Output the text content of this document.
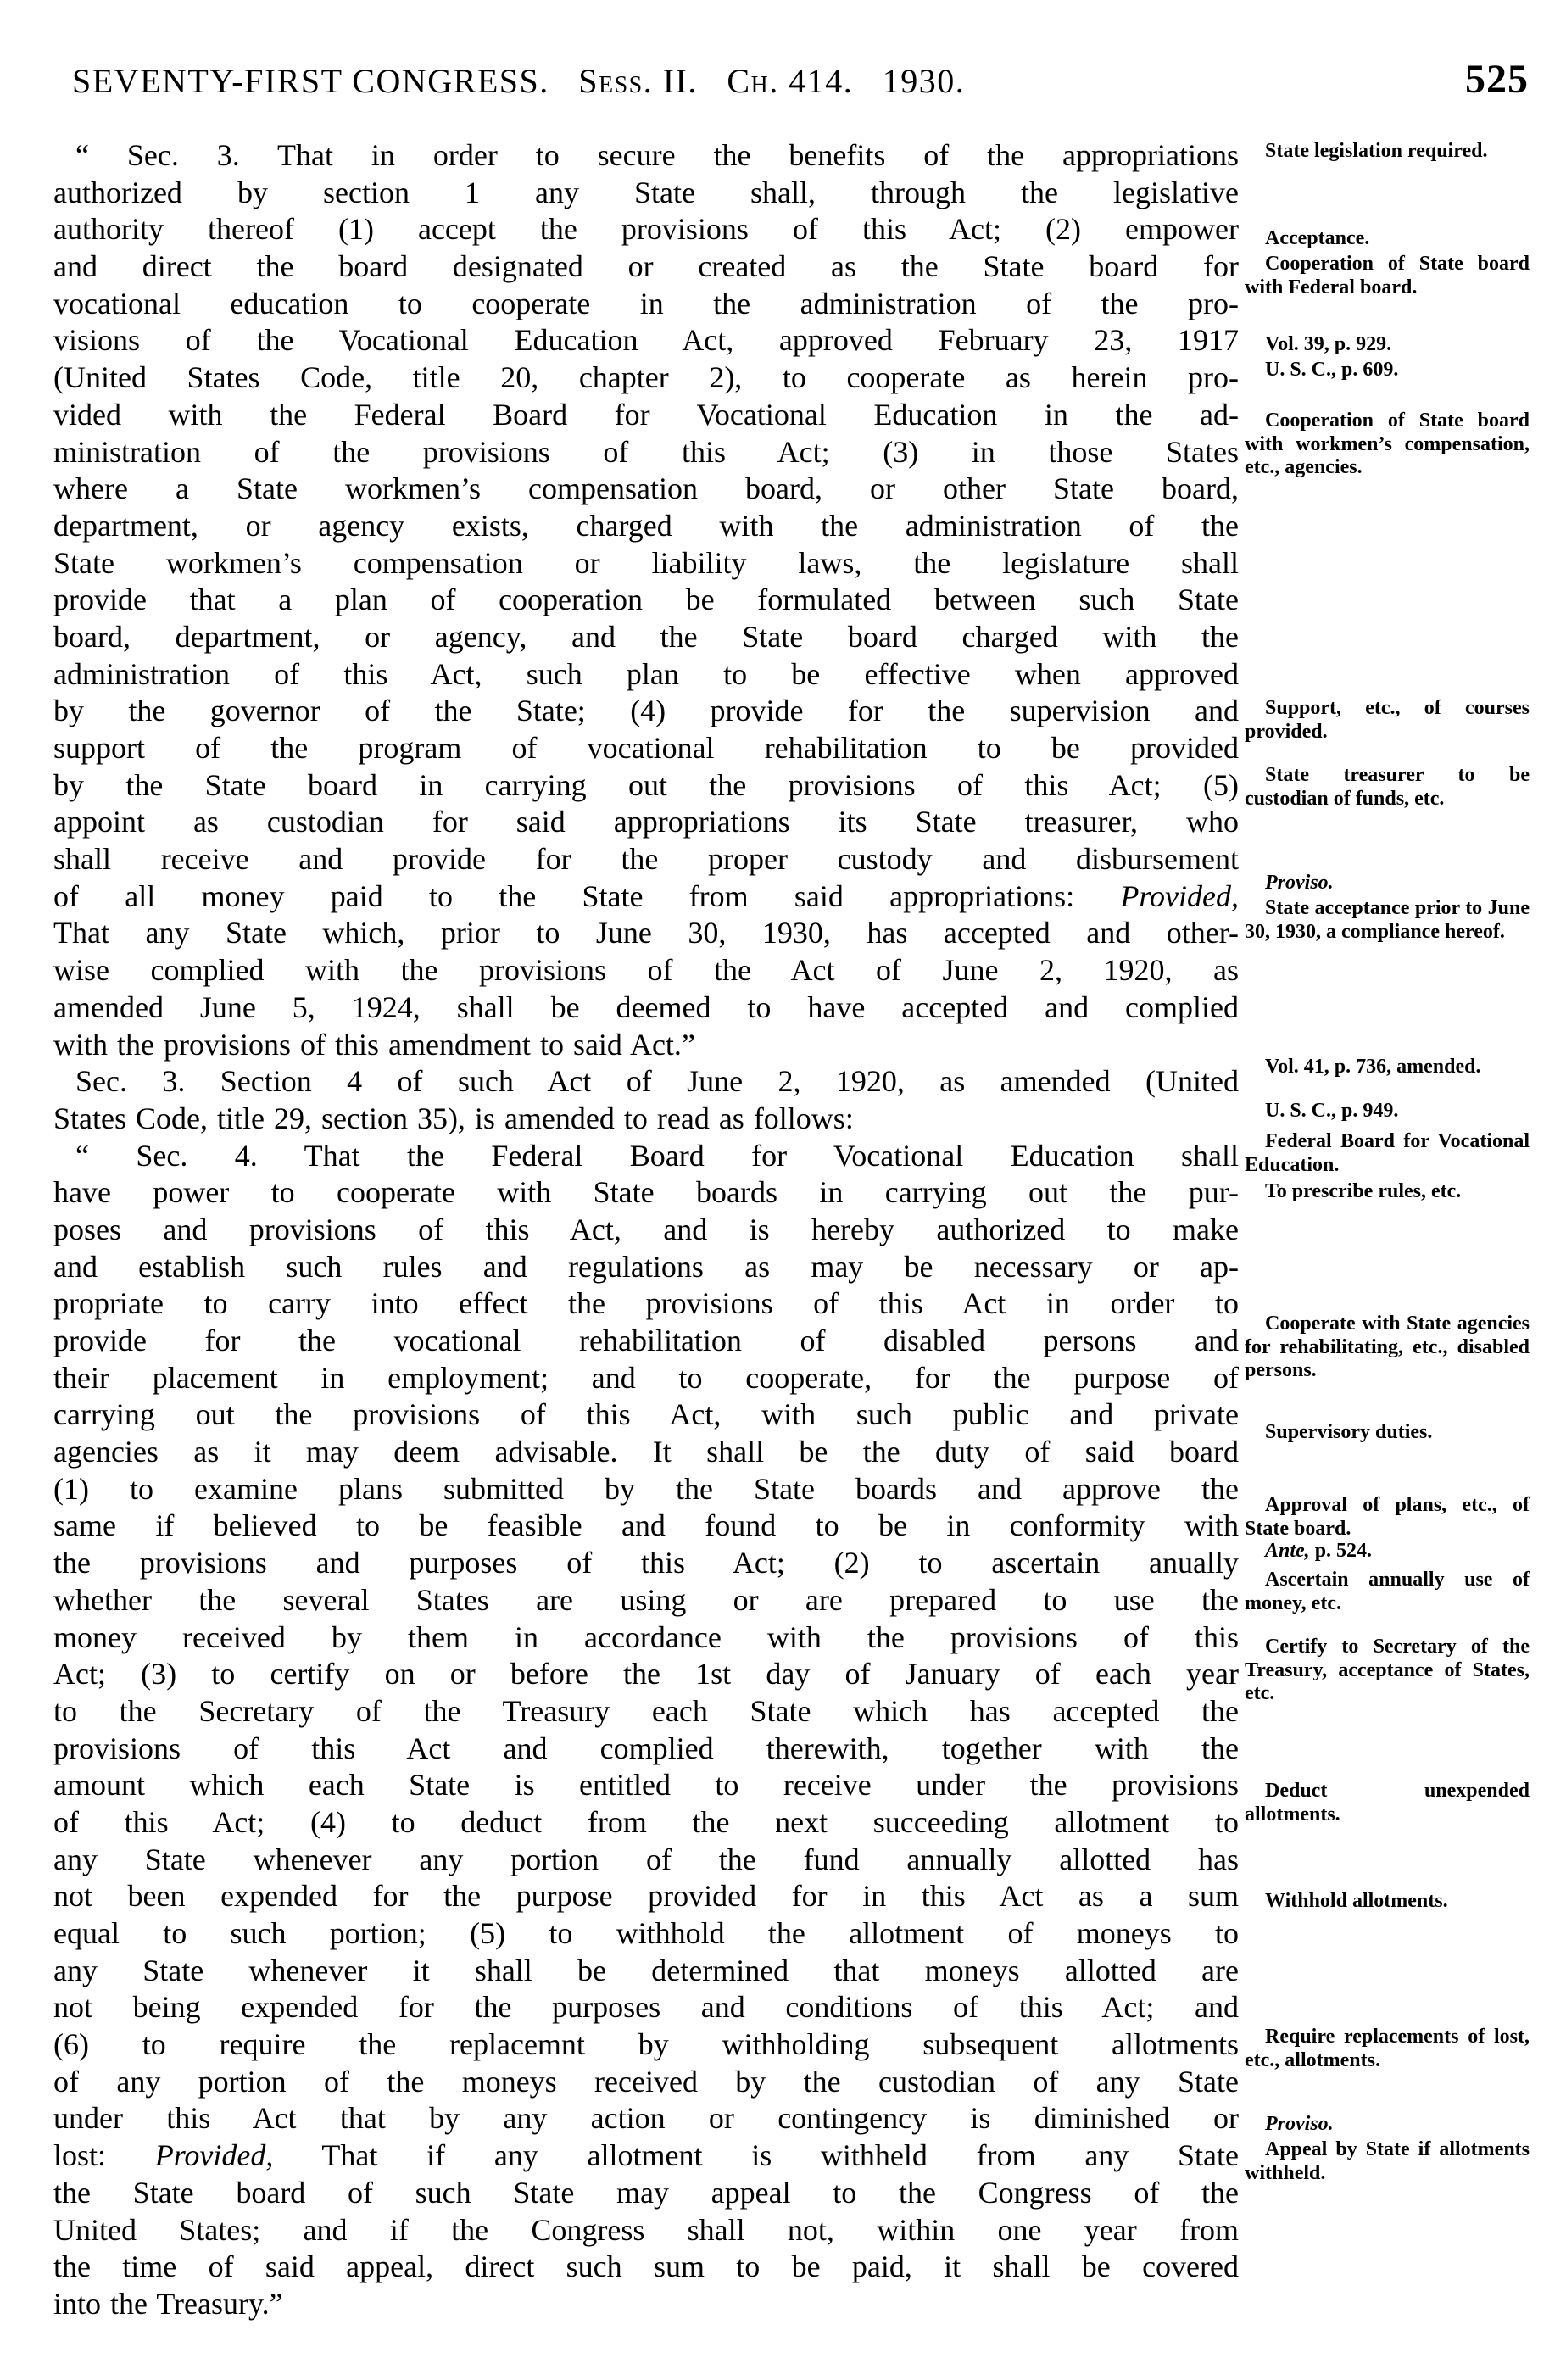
SEVENTY-FIRST CONGRESS.   Sess. II.   Ch. 414.   1930.	525
“ Sec. 3. That in order to secure the benefits of the appropriations
authorized by section 1 any State shall, through the legislative
authority thereof (1) accept the provisions of this Act; (2) empower
and direct the board designated or created as the State board for
vocational education to cooperate in the administration of the pro-
visions of the Vocational Education Act, approved February 23, 1917
(United States Code, title 20, chapter 2), to cooperate as herein pro-
vided with the Federal Board for Vocational Education in the ad-
ministration of the provisions of this Act; (3) in those States
where a State workmen’s compensation board, or other State board,
department, or agency exists, charged with the administration of the
State workmen’s compensation or liability laws, the legislature shall
provide that a plan of cooperation be formulated between such State
board, department, or agency, and the State board charged with the
administration of this Act, such plan to be effective when approved
by the governor of the State; (4) provide for the supervision and
support of the program of vocational rehabilitation to be provided
by the State board in carrying out the provisions of this Act; (5)
appoint as custodian for said appropriations its State treasurer, who
shall receive and provide for the proper custody and disbursement
of all money paid to the State from said appropriations: Provided,
That any State which, prior to June 30, 1930, has accepted and other-
wise complied with the provisions of the Act of June 2, 1920, as
amended June 5, 1924, shall be deemed to have accepted and complied
with the provisions of this amendment to said Act.”
Sec. 3. Section 4 of such Act of June 2, 1920, as amended (United
States Code, title 29, section 35), is amended to read as follows:
“ Sec. 4. That the Federal Board for Vocational Education shall
have power to cooperate with State boards in carrying out the pur-
poses and provisions of this Act, and is hereby authorized to make
and establish such rules and regulations as may be necessary or ap-
propriate to carry into effect the provisions of this Act in order to
provide for the vocational rehabilitation of disabled persons and
their placement in employment; and to cooperate, for the purpose of
carrying out the provisions of this Act, with such public and private
agencies as it may deem advisable. It shall be the duty of said board
(1) to examine plans submitted by the State boards and approve the
same if believed to be feasible and found to be in conformity with
the provisions and purposes of this Act; (2) to ascertain anually
whether the several States are using or are prepared to use the
money received by them in accordance with the provisions of this
Act; (3) to certify on or before the 1st day of January of each year
to the Secretary of the Treasury each State which has accepted the
provisions of this Act and complied therewith, together with the
amount which each State is entitled to receive under the provisions
of this Act; (4) to deduct from the next succeeding allotment to
any State whenever any portion of the fund annually allotted has
not been expended for the purpose provided for in this Act as a sum
equal to such portion; (5) to withhold the allotment of moneys to
any State whenever it shall be determined that moneys allotted are
not being expended for the purposes and conditions of this Act; and
(6) to require the replacemnt by withholding subsequent allotments
of any portion of the moneys received by the custodian of any State
under this Act that by any action or contingency is diminished or
lost: Provided, That if any allotment is withheld from any State
the State board of such State may appeal to the Congress of the
United States; and if the Congress shall not, within one year from
the time of said appeal, direct such sum to be paid, it shall be covered
into the Treasury.”
State legislation required.
Acceptance.
Cooperation of State board with Federal board.
Vol. 39, p. 929.
U. S. C., p. 609.
Cooperation of State board with workmen’s compensation, etc., agencies.
Support, etc., of courses provided.
State treasurer to be custodian of funds, etc.
Proviso.
State acceptance prior to June 30, 1930, a compliance hereof.
Vol. 41, p. 736, amended.
U. S. C., p. 949.
Federal Board for Vocational Education.
To prescribe rules, etc.
Cooperate with State agencies for rehabilitating, etc., disabled persons.
Supervisory duties.
Approval of plans, etc., of State board.
Ante, p. 524.
Ascertain annually use of money, etc.
Certify to Secretary of the Treasury, acceptance of States, etc.
Deduct unexpended allotments.
Withhold allotments.
Require replacements of lost, etc., allotments.
Proviso.
Appeal by State if allotments withheld.
